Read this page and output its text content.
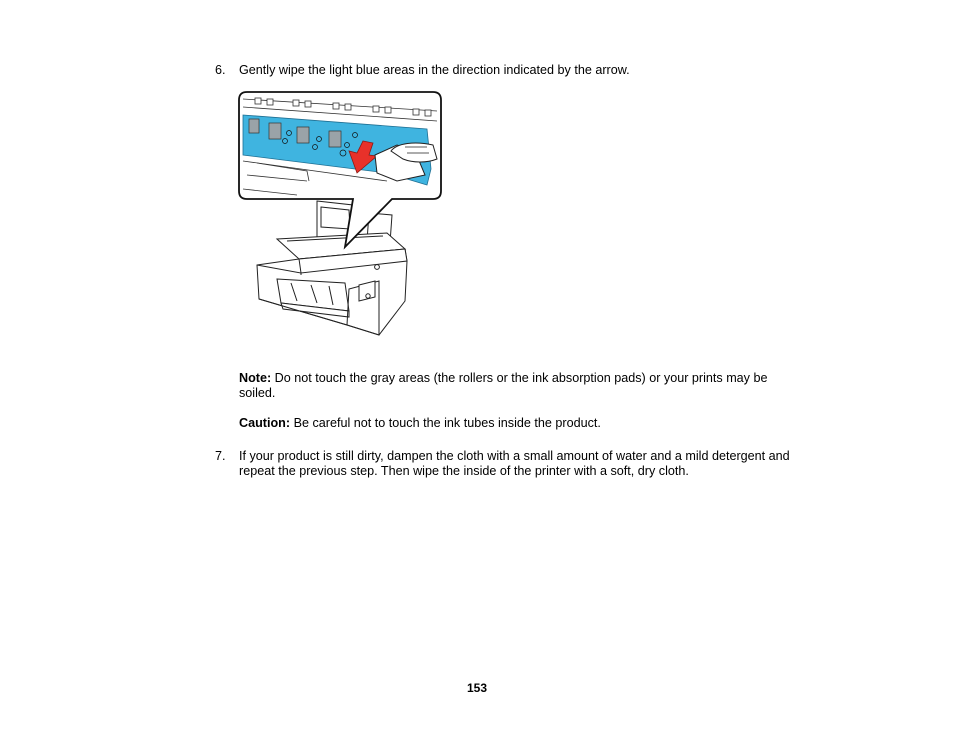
6. Gently wipe the light blue areas in the direction indicated by the arrow.
Note: Do not touch the gray areas (the rollers or the ink absorption pads) or your prints may be
soiled.
Caution: Be careful not to touch the ink tubes inside the product.
7. If your product is still dirty, dampen the cloth with a small amount of water and a mild detergent and
repeat the previous step. Then wipe the inside of the printer with a soft, dry cloth.
153
